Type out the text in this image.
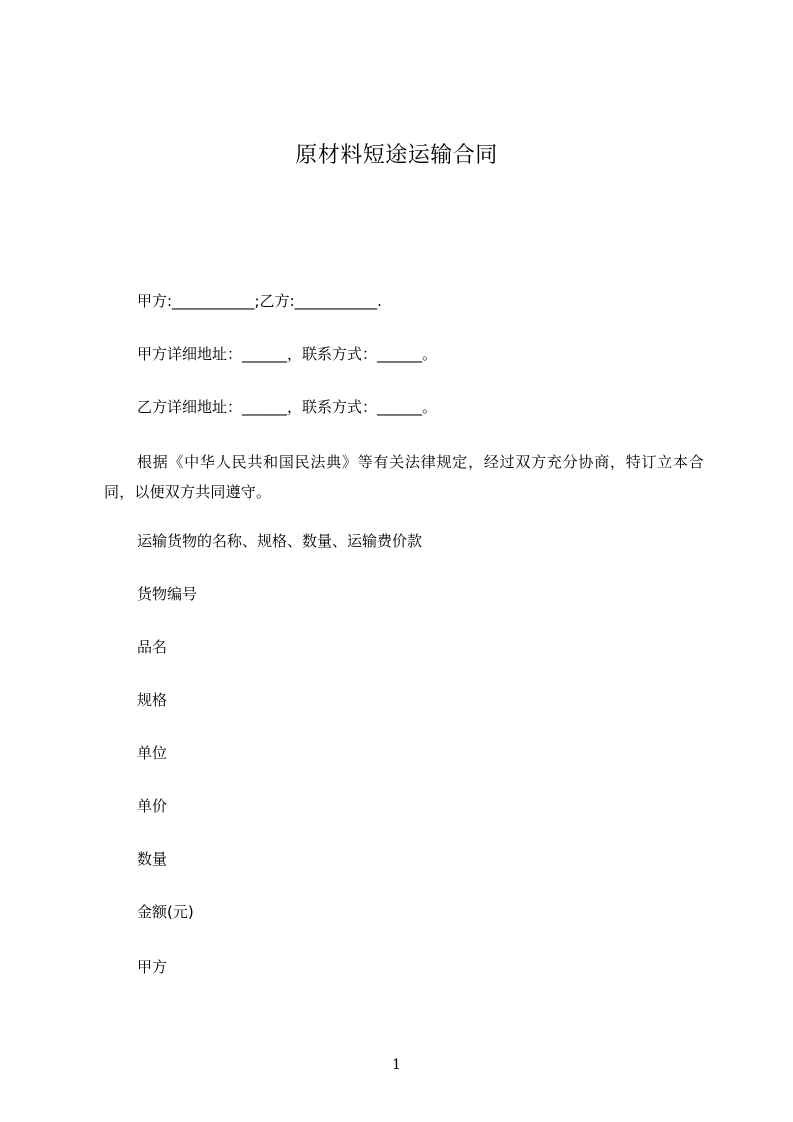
原材料短途运输合同
甲方:___________;乙方:___________.
甲方详细地址：______，联系方式：______。
乙方详细地址：______，联系方式：______。
根据《中华人民共和国民法典》等有关法律规定，经过双方充分协商，特订立本合同，以便双方共同遵守。
运输货物的名称、规格、数量、运输费价款
货物编号
品名
规格
单位
单价
数量
金额(元)
甲方
1
